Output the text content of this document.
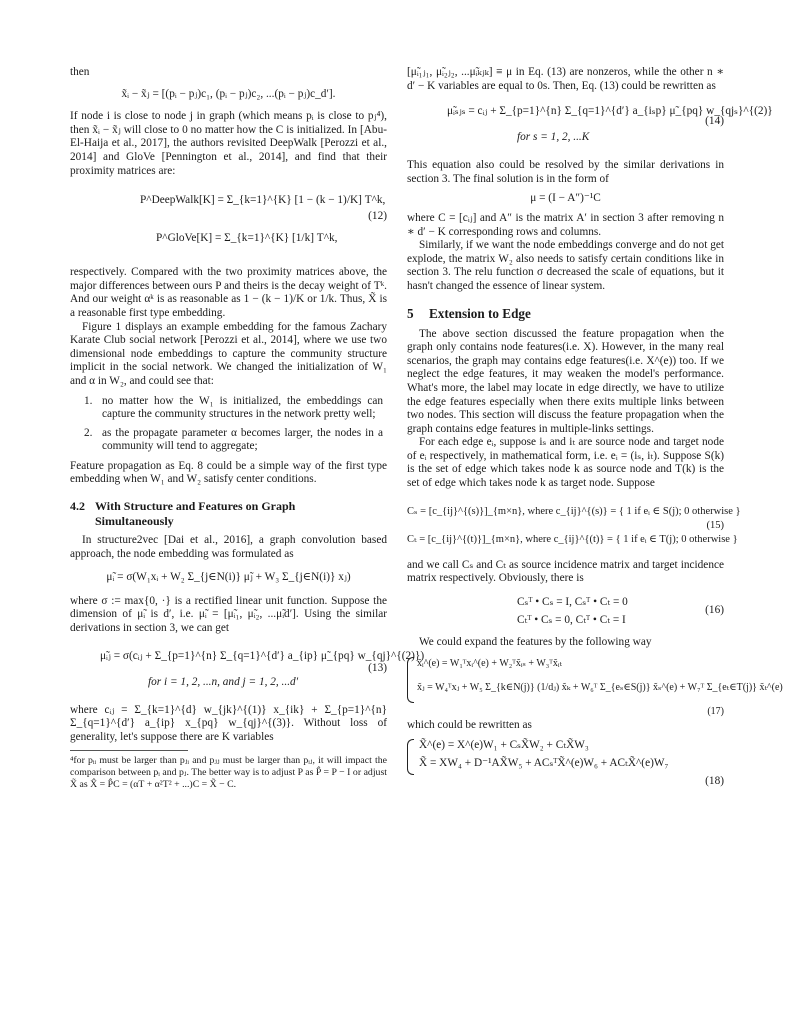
then

x̃ᵢ − x̃ⱼ = [(pᵢ − pⱼ)c₁, (pᵢ − pⱼ)c₂, ...(pᵢ − pⱼ)c_d′].

If node i is close to node j in graph (which means pᵢ is close to pⱼ⁴), then x̃ᵢ − x̃ⱼ will close to 0 no matter how the C is initialized. In [Abu-El-Haija et al., 2017], the authors revisited DeepWalk [Perozzi et al., 2014] and GloVe [Pennington et al., 2014], and find that their proximity matrices are:

P^DeepWalk[K] = Σ_{k=1}^{K} [1 − (k − 1)/K] T^k,
P^GloVe[K] = Σ_{k=1}^{K} [1/k] T^k,
(12)

respectively. Compared with the two proximity matrices above, the major differences between ours P and theirs is the decay weight of Tᵏ. And our weight αᵏ is as reasonable as 1 − (k − 1)/K or 1/k. Thus, X̃ is a reasonable first type embedding.

Figure 1 displays an example embedding for the famous Zachary Karate Club social network [Perozzi et al., 2014], where we use two dimensional node embeddings to capture the community structure implicit in the social network. We changed the initialization of W₁ and α in W₂, and could see that:

1. no matter how the W₁ is initialized, the embeddings can capture the community structures in the network pretty well;
2. as the propagate parameter α becomes larger, the nodes in a community will tend to aggregate;

Feature propagation as Eq. 8 could be a simple way of the first type embedding when W₁ and W₂ satisfy center conditions.

4.2 With Structure and Features on Graph
Simultaneously

In structure2vec [Dai et al., 2016], a graph convolution based approach, the node embedding was formulated as

μ̃ᵢ = σ(W₁xᵢ + W₂ Σ_{j∈N(i)} μ̃ⱼ + W₃ Σ_{j∈N(i)} xⱼ)

where σ := max{0, ·} is a rectified linear unit function. Suppose the dimension of μ̃ᵢ is d′, i.e. μ̃ᵢ = [μ̃ᵢ₁, μ̃ᵢ₂, ...μ̃ᵢd′]. Using the similar derivations in section 3, we can get

μ̃ᵢⱼ = σ(cᵢⱼ + Σ_{p=1}^{n} Σ_{q=1}^{d′} a_{ip} μ̃_{pq} w_{qj}^{(2)})
for i = 1, 2, ...n, and j = 1, 2, ...d′
(13)

where cᵢⱼ = Σ_{k=1}^{d} w_{jk}^{(1)} x_{ik} + Σ_{p=1}^{n} Σ_{q=1}^{d′} a_{ip} x_{pq} w_{qj}^{(3)}. Without loss of generality, let's suppose there are K variables

⁴for pᵢᵢ must be larger than pⱼᵢ and pⱼⱼ must be larger than pᵢⱼ, it will impact the comparison between pᵢ and pⱼ. The better way is to adjust P as P̂ = P − I or adjust X̃ as X̂ = P̂C = (αT + α²T² + ...)C = X̃ − C.

[μ̃ᵢ₁ⱼ₁, μ̃ᵢ₂ⱼ₂, ...μ̃ᵢₖⱼₖ] ≡ μ in Eq. (13) are nonzeros, while the other n ∗ d′ − K variables are equal to 0s. Then, Eq. (13) could be rewritten as

μ̃ᵢₛⱼₛ = cᵢⱼ + Σ_{p=1}^{n} Σ_{q=1}^{d′} a_{iₛp} μ̃_{pq} w_{qjₛ}^{(2)}
for s = 1, 2, ...K
(14)

This equation also could be resolved by the similar derivations in section 3. The final solution is in the form of

μ = (I − A″)⁻¹C

where C = [cᵢⱼ] and A″ is the matrix A′ in section 3 after removing n ∗ d′ − K corresponding rows and columns.

Similarly, if we want the node embeddings converge and do not get explode, the matrix W₂ also needs to satisfy certain conditions like in section 3. The relu function σ decreased the scale of equations, but it hasn't changed the essence of linear system.

5 Extension to Edge

The above section discussed the feature propagation when the graph only contains node features(i.e. X). However, in the many real scenarios, the graph may contains edge features(i.e. X^(e)) too. If we neglect the edge features, it may weaken the model's performance. What's more, the label may locate in edge directly, we have to utilize the edge features especially when there exits multiple links between two nodes. This section will discuss the feature propagation when the graph contains edge features in multiple-links settings.

For each edge eᵢ, suppose iₛ and iₜ are source node and target node of eᵢ respectively, in mathematical form, i.e. eᵢ = (iₛ, iₜ). Suppose S(k) is the set of edge which takes node k as source node and T(k) is the set of edge which takes node k as target node. Suppose

Cₛ = [c_{ij}^{(s)}]_{m×n}, where c_{ij}^{(s)} = { 1 if eᵢ ∈ S(j); 0 otherwise }
Cₜ = [c_{ij}^{(t)}]_{m×n}, where c_{ij}^{(t)} = { 1 if eᵢ ∈ T(j); 0 otherwise }
(15)

and we call Cₛ and Cₜ as source incidence matrix and target incidence matrix respectively. Obviously, there is

Cₛᵀ • Cₛ = I, Cₛᵀ • Cₜ = 0
Cₜᵀ • Cₛ = 0, Cₜᵀ • Cₜ = I
(16)

We could expand the features by the following way

x̃ᵢ^(e) = W₁ᵀxᵢ^(e) + W₂ᵀx̃ᵢₛ + W₃ᵀx̃ᵢₜ
x̃ⱼ = W₄ᵀxⱼ + W₅ Σ_{k∈N(j)} (1/dⱼ) x̃ₖ + W₆ᵀ Σ_{eₛ∈S(j)} x̃ₛ^(e) + W₇ᵀ Σ_{eₜ∈T(j)} x̃ₜ^(e)
(17)

which could be rewritten as

X̃^(e) = X^(e)W₁ + CₛX̃W₂ + CₜX̃W₃
X̃ = XW₄ + D⁻¹AX̃W₅ + ACₛᵀX̃^(e)W₆ + ACₜX̃^(e)W₇
(18)
